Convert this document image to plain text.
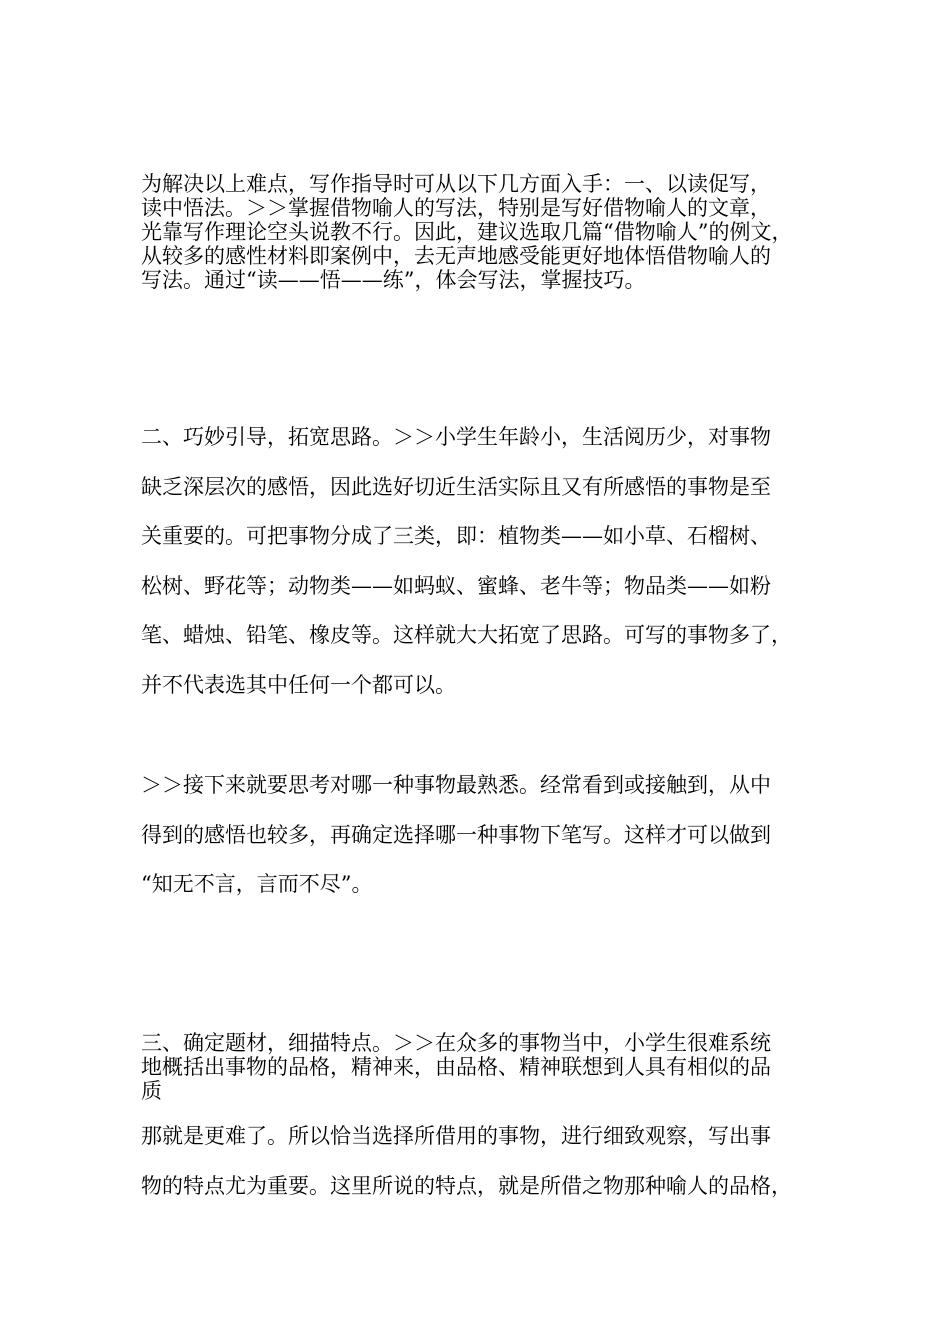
为解决以上难点，写作指导时可从以下几方面入手：一、以读促写，
读中悟法。＞＞掌握借物喻人的写法，特别是写好借物喻人的文章，
光靠写作理论空头说教不行。因此，建议选取几篇“借物喻人”的例文，
从较多的感性材料即案例中，去无声地感受能更好地体悟借物喻人的
写法。通过“读——悟——练”，体会写法，掌握技巧。
二、巧妙引导，拓宽思路。＞＞小学生年龄小，生活阅历少，对事物
缺乏深层次的感悟，因此选好切近生活实际且又有所感悟的事物是至
关重要的。可把事物分成了三类，即：植物类——如小草、石榴树、
松树、野花等；动物类——如蚂蚁、蜜蜂、老牛等；物品类——如粉
笔、蜡烛、铅笔、橡皮等。这样就大大拓宽了思路。可写的事物多了，
并不代表选其中任何一个都可以。
＞＞接下来就要思考对哪一种事物最熟悉。经常看到或接触到，从中
得到的感悟也较多，再确定选择哪一种事物下笔写。这样才可以做到
“知无不言，言而不尽”。
三、确定题材，细描特点。＞＞在众多的事物当中，小学生很难系统
地概括出事物的品格，精神来，由品格、精神联想到人具有相似的品
质
那就是更难了。所以恰当选择所借用的事物，进行细致观察，写出事
物的特点尤为重要。这里所说的特点，就是所借之物那种喻人的品格，
